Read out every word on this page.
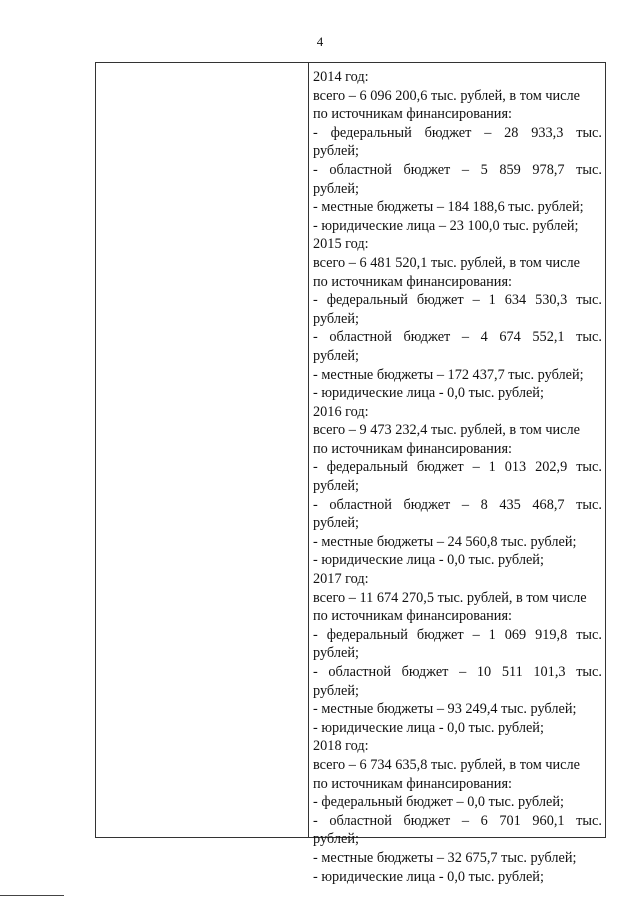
4
2014 год:
всего – 6 096 200,6 тыс. рублей, в том числе
по источникам финансирования:
- федеральный бюджет – 28 933,3 тыс.
рублей;
- областной бюджет – 5 859 978,7 тыс.
рублей;
- местные бюджеты – 184 188,6 тыс. рублей;
- юридические лица – 23 100,0 тыс. рублей;
2015 год:
всего – 6 481 520,1 тыс. рублей, в том числе
по источникам финансирования:
- федеральный бюджет – 1 634 530,3 тыс.
рублей;
- областной бюджет – 4 674 552,1 тыс.
рублей;
- местные бюджеты – 172 437,7 тыс. рублей;
- юридические лица - 0,0 тыс. рублей;
2016 год:
всего – 9 473 232,4 тыс. рублей, в том числе
по источникам финансирования:
- федеральный бюджет – 1 013 202,9 тыс.
рублей;
- областной бюджет – 8 435 468,7 тыс.
рублей;
- местные бюджеты – 24 560,8 тыс. рублей;
- юридические лица - 0,0 тыс. рублей;
2017 год:
всего – 11 674 270,5 тыс. рублей, в том числе
по источникам финансирования:
- федеральный бюджет – 1 069 919,8 тыс.
рублей;
- областной бюджет – 10 511 101,3 тыс.
рублей;
- местные бюджеты – 93 249,4 тыс. рублей;
- юридические лица - 0,0 тыс. рублей;
2018 год:
всего – 6 734 635,8 тыс. рублей, в том числе
по источникам финансирования:
- федеральный бюджет – 0,0 тыс. рублей;
- областной бюджет – 6 701 960,1 тыс.
рублей;
- местные бюджеты – 32 675,7 тыс. рублей;
- юридические лица - 0,0 тыс. рублей;
